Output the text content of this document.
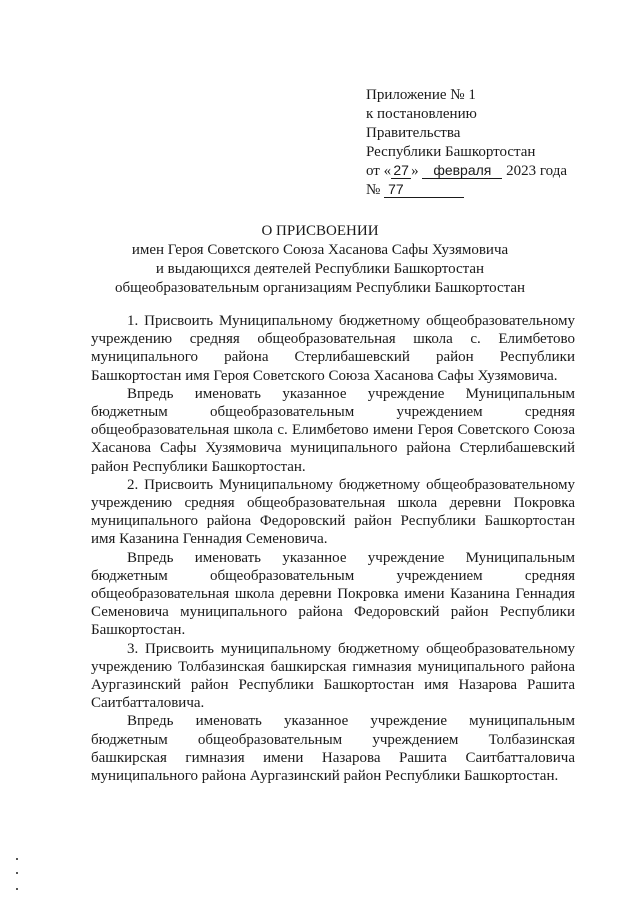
Приложение № 1
к постановлению
Правительства
Республики Башкортостан
от « 27 » февраля 2023 года
№ 77
О ПРИСВОЕНИИ
имен Героя Советского Союза Хасанова Сафы Хузямовича
и выдающихся деятелей Республики Башкортостан
общеобразовательным организациям Республики Башкортостан

1. Присвоить Муниципальному бюджетному общеобразовательному учреждению средняя общеобразовательная школа с. Елимбетово муниципального района Стерлибашевский район Республики Башкортостан имя Героя Советского Союза Хасанова Сафы Хузямовича.

Впредь именовать указанное учреждение Муниципальным бюджетным общеобразовательным учреждением средняя общеобразовательная школа с. Елимбетово имени Героя Советского Союза Хасанова Сафы Хузямовича муниципального района Стерлибашевский район Республики Башкортостан.

2. Присвоить Муниципальному бюджетному общеобразовательному учреждению средняя общеобразовательная школа деревни Покровка муниципального района Федоровский район Республики Башкортостан имя Казанина Геннадия Семеновича.

Впредь именовать указанное учреждение Муниципальным бюджетным общеобразовательным учреждением средняя общеобразовательная школа деревни Покровка имени Казанина Геннадия Семеновича муниципального района Федоровский район Республики Башкортостан.

3. Присвоить муниципальному бюджетному общеобразовательному учреждению Толбазинская башкирская гимназия муниципального района Аургазинский район Республики Башкортостан имя Назарова Рашита Саитбатталовича.

Впредь именовать указанное учреждение муниципальным бюджетным общеобразовательным учреждением Толбазинская башкирская гимназия имени Назарова Рашита Саитбатталовича муниципального района Аургазинский район Республики Башкортостан.
